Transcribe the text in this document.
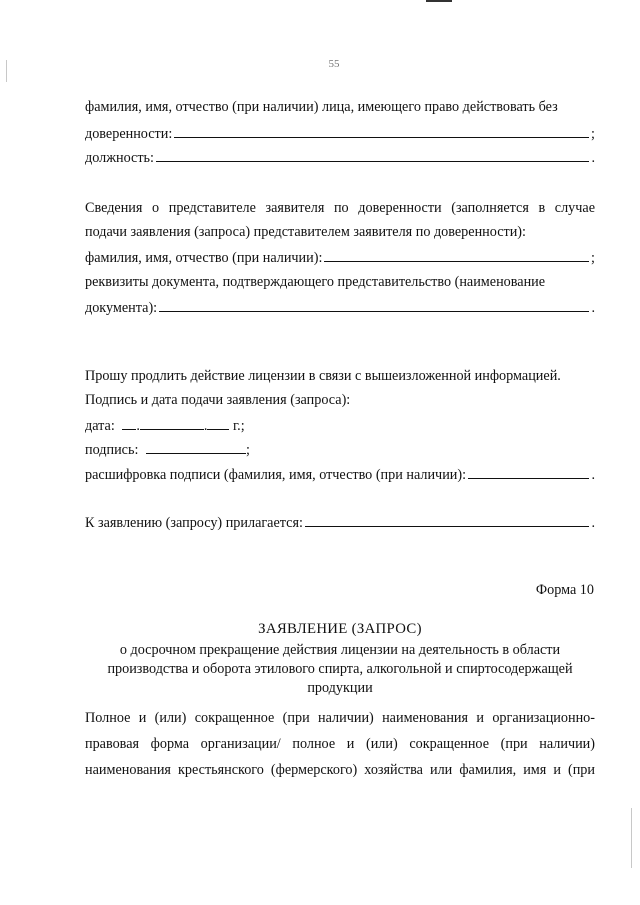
55
фамилия, имя, отчество (при наличии) лица, имеющего право действовать без
доверенности:	;
должность:	.
Сведения о представителе заявителя по доверенности (заполняется в случае
подачи заявления (запроса) представителем заявителя по доверенности):
фамилия, имя, отчество (при наличии):	;
реквизиты документа, подтверждающего представительство (наименование
документа):	.
Прошу продлить действие лицензии в связи с вышеизложенной информацией.
Подпись и дата подачи заявления (запроса):
дата: .	. г.;
подпись:	;
расшифровка подписи (фамилия, имя, отчество (при наличии):	.
К заявлению (запросу) прилагается:	.
Форма 10
ЗАЯВЛЕНИЕ (ЗАПРОС)
о досрочном прекращение действия лицензии на деятельность в области
производства и оборота этилового спирта, алкогольной и спиртосодержащей
продукции
Полное и (или) сокращенное (при наличии) наименования и организационно-
правовая форма организации/ полное и (или) сокращенное (при наличии)
наименования крестьянского (фермерского) хозяйства или фамилия, имя и (при
